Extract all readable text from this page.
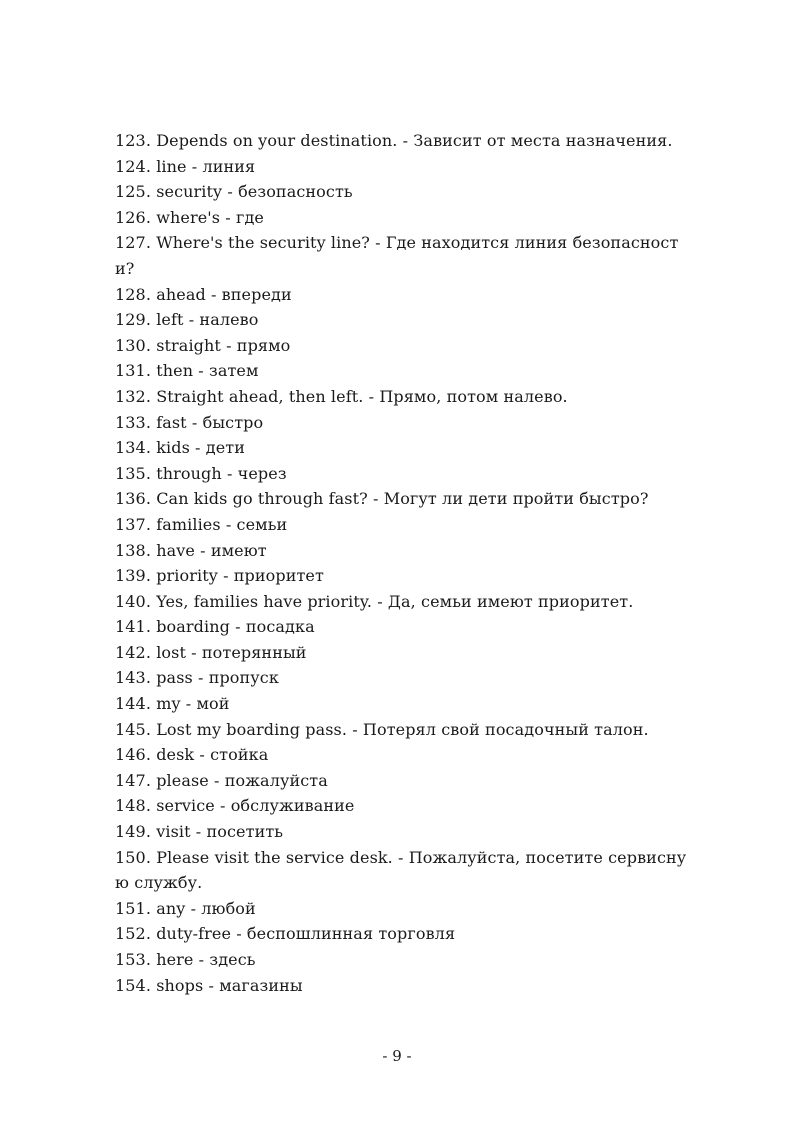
123. Depends on your destination. - Зависит от места назначения.
124. line - линия
125. security - безопасность
126. where's - где
127. Where's the security line? - Где находится линия безопасност
и?
128. ahead - впереди
129. left - налево
130. straight - прямо
131. then - затем
132. Straight ahead, then left. - Прямо, потом налево.
133. fast - быстро
134. kids - дети
135. through - через
136. Can kids go through fast? - Могут ли дети пройти быстро?
137. families - семьи
138. have - имеют
139. priority - приоритет
140. Yes, families have priority. - Да, семьи имеют приоритет.
141. boarding - посадка
142. lost - потерянный
143. pass - пропуск
144. my - мой
145. Lost my boarding pass. - Потерял свой посадочный талон.
146. desk - стойка
147. please - пожалуйста
148. service - обслуживание
149. visit - посетить
150. Please visit the service desk. - Пожалуйста, посетите сервисну
ю службу.
151. any - любой
152. duty-free - беспошлинная торговля
153. here - здесь
154. shops - магазины
- 9 -
